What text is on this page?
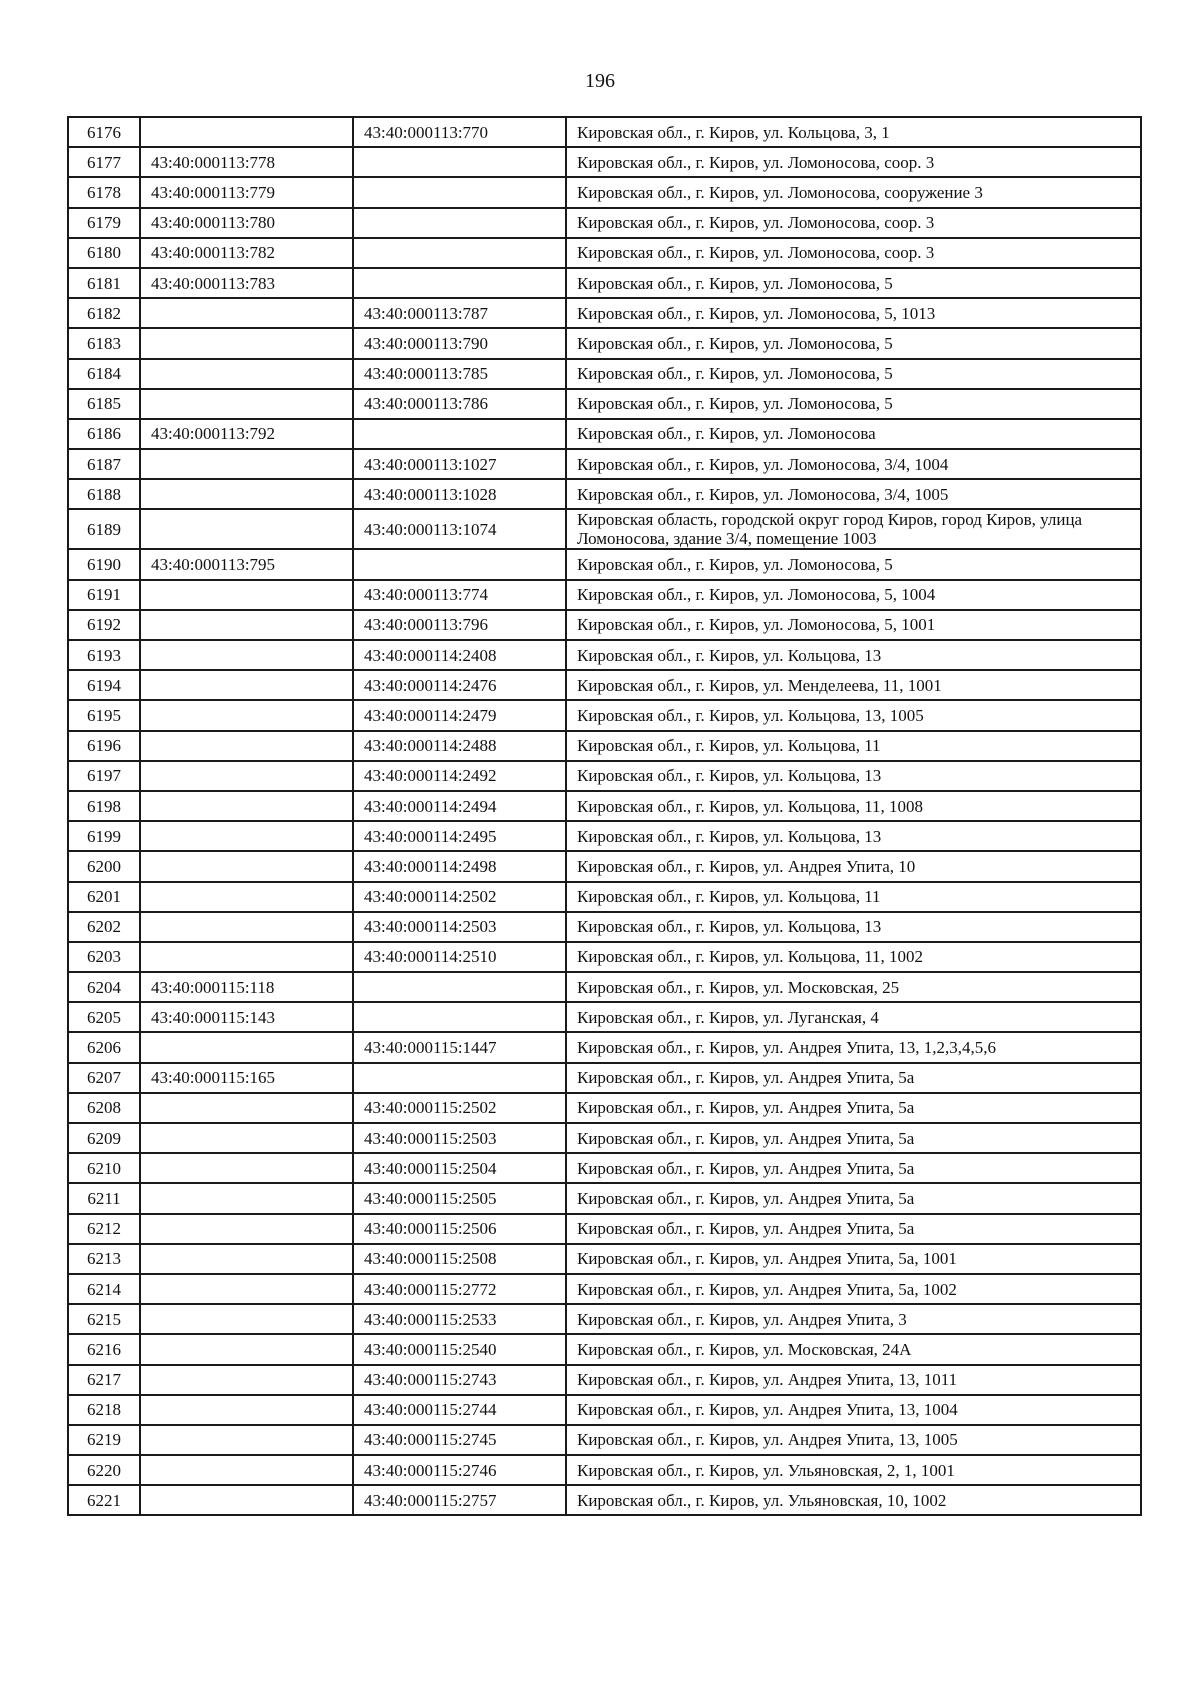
196
6176		43:40:000113:770	Кировская обл., г. Киров, ул. Кольцова, 3, 1
6177	43:40:000113:778		Кировская обл., г. Киров, ул. Ломоносова, соор. 3
6178	43:40:000113:779		Кировская обл., г. Киров, ул. Ломоносова, сооружение 3
6179	43:40:000113:780		Кировская обл., г. Киров, ул. Ломоносова, соор. 3
6180	43:40:000113:782		Кировская обл., г. Киров, ул. Ломоносова, соор. 3
6181	43:40:000113:783		Кировская обл., г. Киров, ул. Ломоносова, 5
6182		43:40:000113:787	Кировская обл., г. Киров, ул. Ломоносова, 5, 1013
6183		43:40:000113:790	Кировская обл., г. Киров, ул. Ломоносова, 5
6184		43:40:000113:785	Кировская обл., г. Киров, ул. Ломоносова, 5
6185		43:40:000113:786	Кировская обл., г. Киров, ул. Ломоносова, 5
6186	43:40:000113:792		Кировская обл., г. Киров, ул. Ломоносова
6187		43:40:000113:1027	Кировская обл., г. Киров, ул. Ломоносова, 3/4, 1004
6188		43:40:000113:1028	Кировская обл., г. Киров, ул. Ломоносова, 3/4, 1005
6189		43:40:000113:1074	Кировская область, городской округ город Киров, город Киров, улица Ломоносова, здание 3/4, помещение 1003
6190	43:40:000113:795		Кировская обл., г. Киров, ул. Ломоносова, 5
6191		43:40:000113:774	Кировская обл., г. Киров, ул. Ломоносова, 5, 1004
6192		43:40:000113:796	Кировская обл., г. Киров, ул. Ломоносова, 5, 1001
6193		43:40:000114:2408	Кировская обл., г. Киров, ул. Кольцова, 13
6194		43:40:000114:2476	Кировская обл., г. Киров, ул. Менделеева, 11, 1001
6195		43:40:000114:2479	Кировская обл., г. Киров, ул. Кольцова, 13, 1005
6196		43:40:000114:2488	Кировская обл., г. Киров, ул. Кольцова, 11
6197		43:40:000114:2492	Кировская обл., г. Киров, ул. Кольцова, 13
6198		43:40:000114:2494	Кировская обл., г. Киров, ул. Кольцова, 11, 1008
6199		43:40:000114:2495	Кировская обл., г. Киров, ул. Кольцова, 13
6200		43:40:000114:2498	Кировская обл., г. Киров, ул. Андрея Упита, 10
6201		43:40:000114:2502	Кировская обл., г. Киров, ул. Кольцова, 11
6202		43:40:000114:2503	Кировская обл., г. Киров, ул. Кольцова, 13
6203		43:40:000114:2510	Кировская обл., г. Киров, ул. Кольцова, 11, 1002
6204	43:40:000115:118		Кировская обл., г. Киров, ул. Московская, 25
6205	43:40:000115:143		Кировская обл., г. Киров, ул. Луганская, 4
6206		43:40:000115:1447	Кировская обл., г. Киров, ул. Андрея Упита, 13, 1,2,3,4,5,6
6207	43:40:000115:165		Кировская обл., г. Киров, ул. Андрея Упита, 5а
6208		43:40:000115:2502	Кировская обл., г. Киров, ул. Андрея Упита, 5а
6209		43:40:000115:2503	Кировская обл., г. Киров, ул. Андрея Упита, 5а
6210		43:40:000115:2504	Кировская обл., г. Киров, ул. Андрея Упита, 5а
6211		43:40:000115:2505	Кировская обл., г. Киров, ул. Андрея Упита, 5а
6212		43:40:000115:2506	Кировская обл., г. Киров, ул. Андрея Упита, 5а
6213		43:40:000115:2508	Кировская обл., г. Киров, ул. Андрея Упита, 5а, 1001
6214		43:40:000115:2772	Кировская обл., г. Киров, ул. Андрея Упита, 5а, 1002
6215		43:40:000115:2533	Кировская обл., г. Киров, ул. Андрея Упита, 3
6216		43:40:000115:2540	Кировская обл., г. Киров, ул. Московская, 24А
6217		43:40:000115:2743	Кировская обл., г. Киров, ул. Андрея Упита, 13, 1011
6218		43:40:000115:2744	Кировская обл., г. Киров, ул. Андрея Упита, 13, 1004
6219		43:40:000115:2745	Кировская обл., г. Киров, ул. Андрея Упита, 13, 1005
6220		43:40:000115:2746	Кировская обл., г. Киров, ул. Ульяновская, 2, 1, 1001
6221		43:40:000115:2757	Кировская обл., г. Киров, ул. Ульяновская, 10, 1002
